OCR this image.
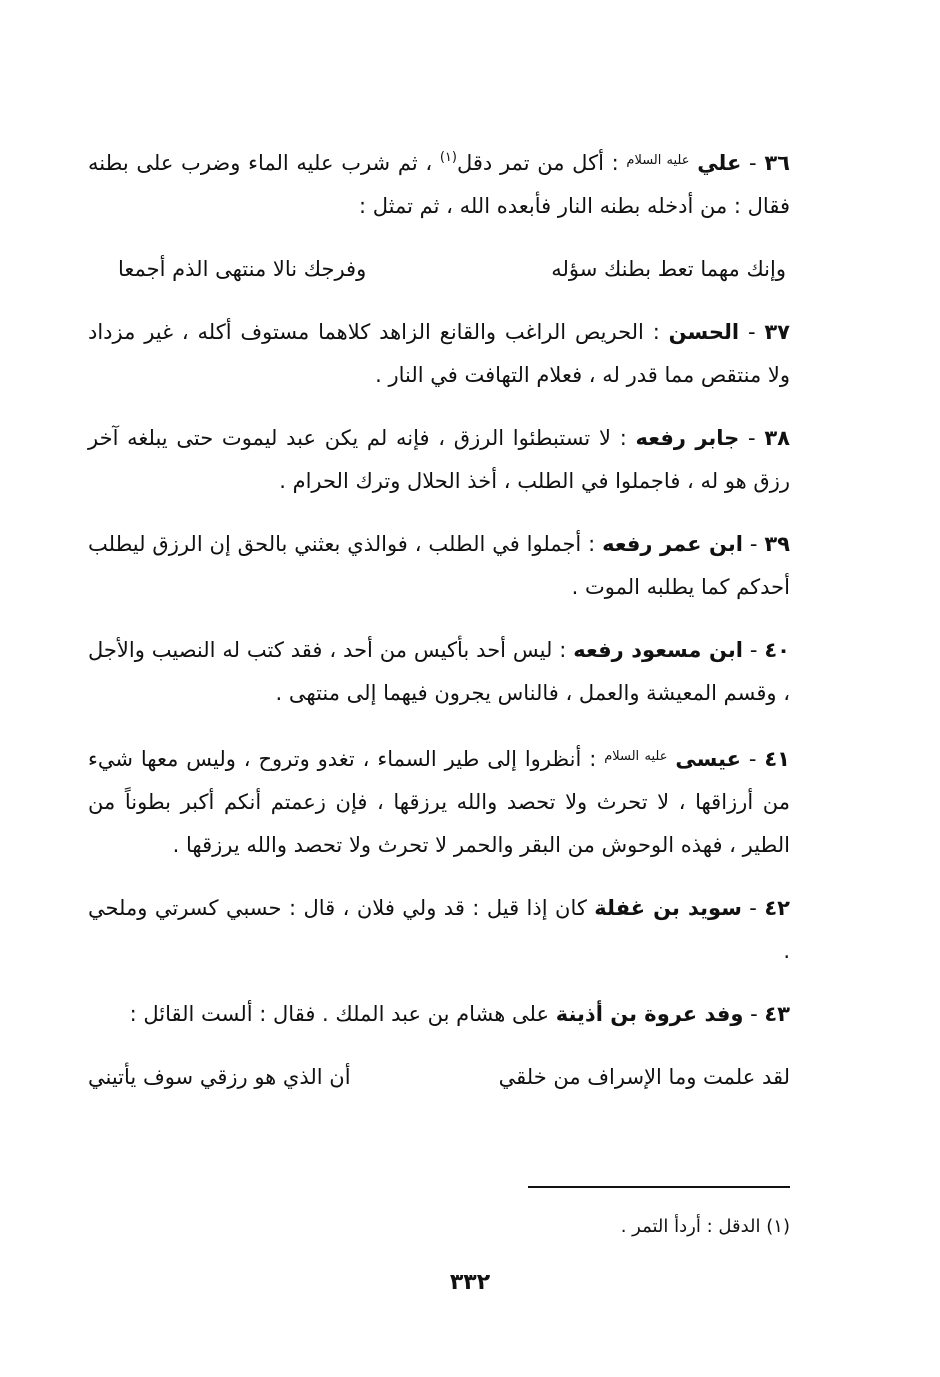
٣٦ - علي $^{عليه السلام}$ : أكل من تمر دقل$^{(١)}$ ، ثم شرب عليه الماء وضرب على بطنه فقال : من أدخله بطنه النار فأبعده الله ، ثم تمثل :

وإنك مهما تعط بطنك سؤله
وفرجك نالا منتهى الذم أجمعا

٣٧ - الحسن : الحريص الراغب والقانع الزاهد كلاهما مستوف أكله ، غير مزداد ولا منتقص مما قدر له ، فعلام التهافت في النار .

٣٨ - جابر رفعه : لا تستبطئوا الرزق ، فإنه لم يكن عبد ليموت حتى يبلغه آخر رزق هو له ، فاجملوا في الطلب ، أخذ الحلال وترك الحرام .

٣٩ - ابن عمر رفعه : أجملوا في الطلب ، فوالذي بعثني بالحق إن الرزق ليطلب أحدكم كما يطلبه الموت .

٤٠ - ابن مسعود رفعه : ليس أحد بأكيس من أحد ، فقد كتب له النصيب والأجل ، وقسم المعيشة والعمل ، فالناس يجرون فيهما إلى منتهى .

٤١ - عيسى $^{عليه السلام}$ : أنظروا إلى طير السماء ، تغدو وتروح ، وليس معها شيء من أرزاقها ، لا تحرث ولا تحصد والله يرزقها ، فإن زعمتم أنكم أكبر بطوناً من الطير ، فهذه الوحوش من البقر والحمر لا تحرث ولا تحصد والله يرزقها .

٤٢ - سويد بن غفلة كان إذا قيل : قد ولي فلان ، قال : حسبي كسرتي وملحي .

٤٣ - وفد عروة بن أذينة على هشام بن عبد الملك . فقال : ألست القائل :

لقد علمت وما الإسراف من خلقي
أن الذي هو رزقي سوف يأتيني
(١) الدقل : أردأ التمر .
٣٣٢
